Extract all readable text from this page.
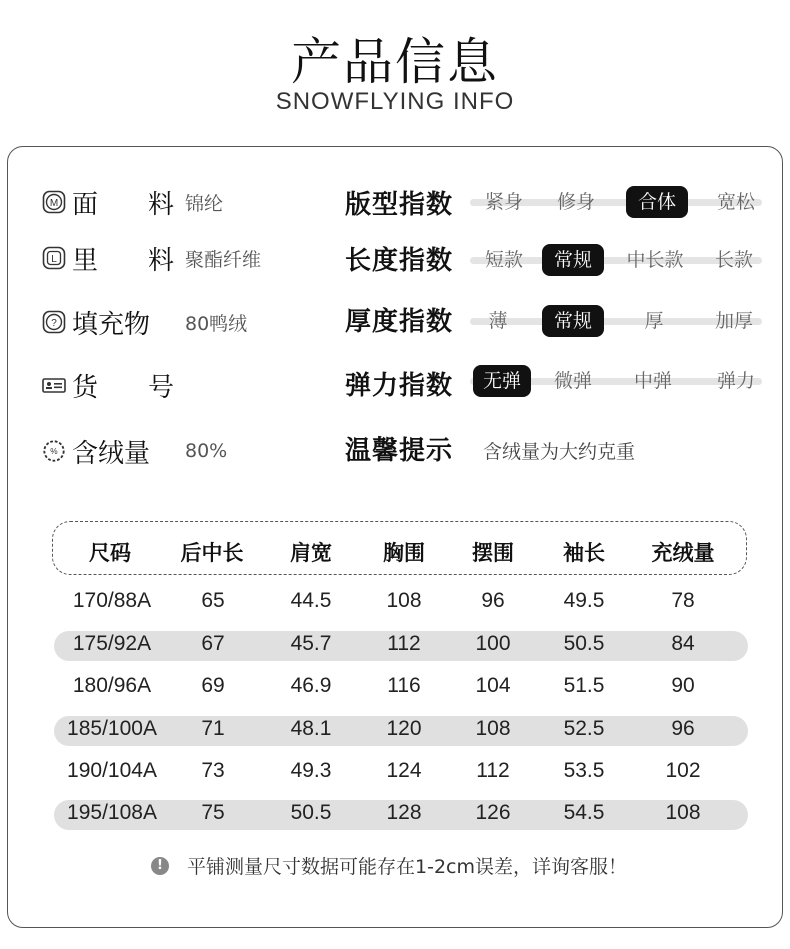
产品信息
SNOWFLYING INFO
M 面 料 锦纶
L 里 料 聚酯纤维
? 填充物 80鸭绒
货 号
% 含绒量 80%
版型指数	紧身	修身	合体	宽松
长度指数	短款	常规	中长款	长款
厚度指数	薄	常规	厚	加厚
弹力指数	无弹	微弹	中弹	弹力
温馨提示	含绒量为大约克重
尺码 后中长 肩宽 胸围 摆围 袖长 充绒量
170/88A 65	44.5	108	96	49.5	78
175/92A 67	45.7	112	100	50.5	84
180/96A 69	46.9	116	104	51.5	90
185/100A 71	48.1	120	108	52.5	96
190/104A 73	49.3	124	112	53.5	102
195/108A 75	50.5	128	126	54.5	108
!	平铺测量尺寸数据可能存在1-2cm误差，详询客服！
